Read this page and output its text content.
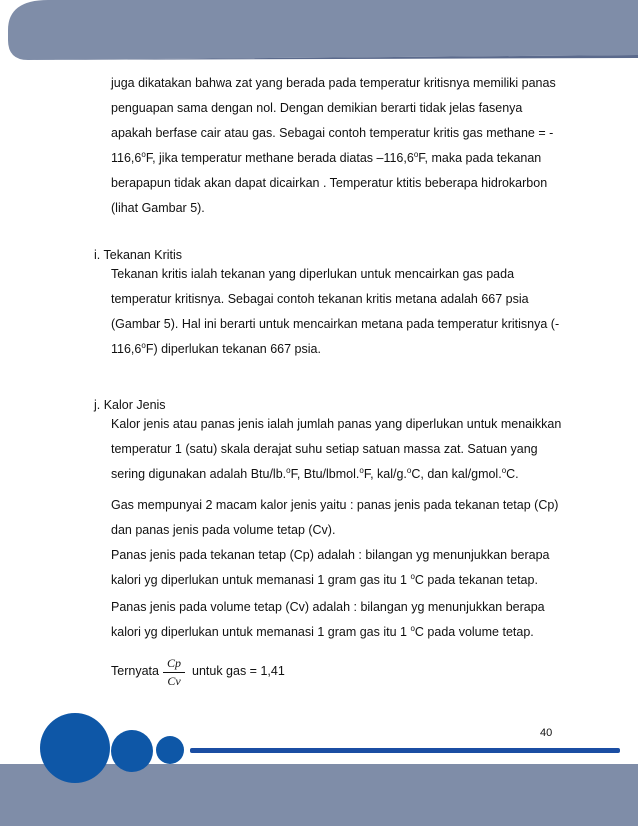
juga dikatakan bahwa zat yang berada pada temperatur kritisnya memiliki panas

penguapan sama dengan nol. Dengan demikian berarti tidak jelas fasenya

apakah berfase cair atau gas. Sebagai contoh temperatur kritis gas methane = -

116,6$^o$F, jika temperatur methane berada diatas –116,6$^o$F, maka pada tekanan

berapapun tidak akan dapat dicairkan . Temperatur ktitis beberapa hidrokarbon

(lihat Gambar 5).

i. Tekanan Kritis

Tekanan kritis ialah tekanan yang diperlukan untuk mencairkan gas pada

temperatur kritisnya. Sebagai contoh tekanan kritis metana adalah 667 psia

(Gambar 5). Hal ini berarti untuk mencairkan metana pada temperatur kritisnya (-

116,6$^o$F) diperlukan tekanan 667 psia.

j. Kalor Jenis

Kalor jenis atau panas jenis ialah jumlah panas yang diperlukan untuk menaikkan

temperatur 1 (satu) skala derajat suhu setiap satuan massa zat. Satuan yang

sering digunakan adalah Btu/lb.$^o$F, Btu/lbmol.$^o$F, kal/g.$^o$C, dan kal/gmol.$^o$C.

Gas mempunyai 2 macam kalor jenis yaitu : panas jenis pada tekanan tetap (Cp)

dan panas jenis pada volume tetap (Cv).

Panas jenis pada tekanan tetap (Cp) adalah : bilangan yg menunjukkan berapa

kalori yg diperlukan untuk memanasi 1 gram gas itu 1 $^o$C pada tekanan tetap.

Panas jenis pada volume tetap (Cv) adalah : bilangan yg menunjukkan berapa

kalori yg diperlukan untuk memanasi 1 gram gas itu 1 $^o$C pada volume tetap.

Ternyata
Cp
Cv
untuk gas = 1,41
40
